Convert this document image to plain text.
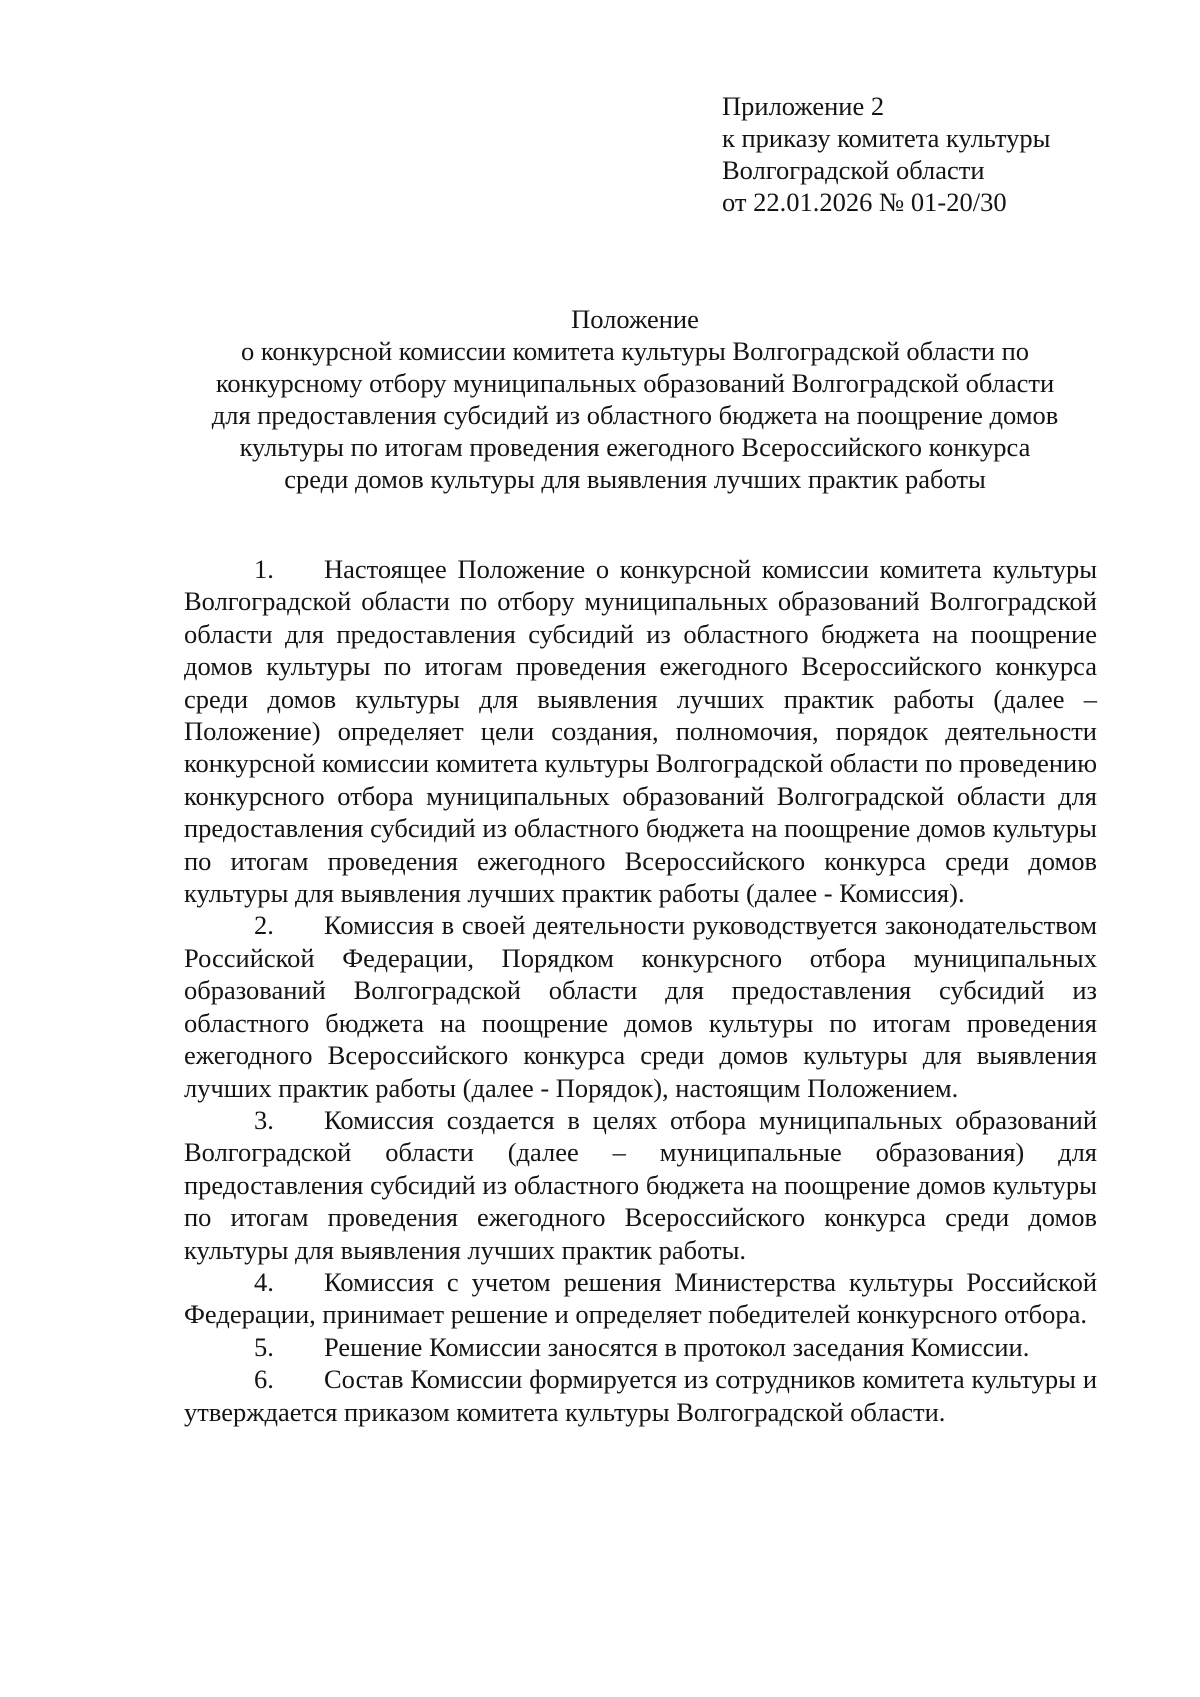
Приложение 2
к приказу комитета культуры
Волгоградской области
от 22.01.2026 № 01-20/30
Положение
о конкурсной комиссии комитета культуры Волгоградской области по
конкурсному отбору муниципальных образований Волгоградской области
для предоставления субсидий из областного бюджета на поощрение домов
культуры по итогам проведения ежегодного Всероссийского конкурса
среди домов культуры для выявления лучших практик работы

1. Настоящее Положение о конкурсной комиссии комитета культуры Волгоградской области по отбору муниципальных образований Волгоградской области для предоставления субсидий из областного бюджета на поощрение домов культуры по итогам проведения ежегодного Всероссийского конкурса среди домов культуры для выявления лучших практик работы (далее – Положение) определяет цели создания, полномочия, порядок деятельности конкурсной комиссии комитета культуры Волгоградской области по проведению конкурсного отбора муниципальных образований Волгоградской области для предоставления субсидий из областного бюджета на поощрение домов культуры по итогам проведения ежегодного Всероссийского конкурса среди домов культуры для выявления лучших практик работы (далее - Комиссия).

2. Комиссия в своей деятельности руководствуется законодательством Российской Федерации, Порядком конкурсного отбора муниципальных образований Волгоградской области для предоставления субсидий из областного бюджета на поощрение домов культуры по итогам проведения ежегодного Всероссийского конкурса среди домов культуры для выявления лучших практик работы (далее - Порядок), настоящим Положением.

3. Комиссия создается в целях отбора муниципальных образований Волгоградской области (далее – муниципальные образования) для предоставления субсидий из областного бюджета на поощрение домов культуры по итогам проведения ежегодного Всероссийского конкурса среди домов культуры для выявления лучших практик работы.

4. Комиссия с учетом решения Министерства культуры Российской Федерации, принимает решение и определяет победителей конкурсного отбора.

5. Решение Комиссии заносятся в протокол заседания Комиссии.

6. Состав Комиссии формируется из сотрудников комитета культуры и утверждается приказом комитета культуры Волгоградской области.
